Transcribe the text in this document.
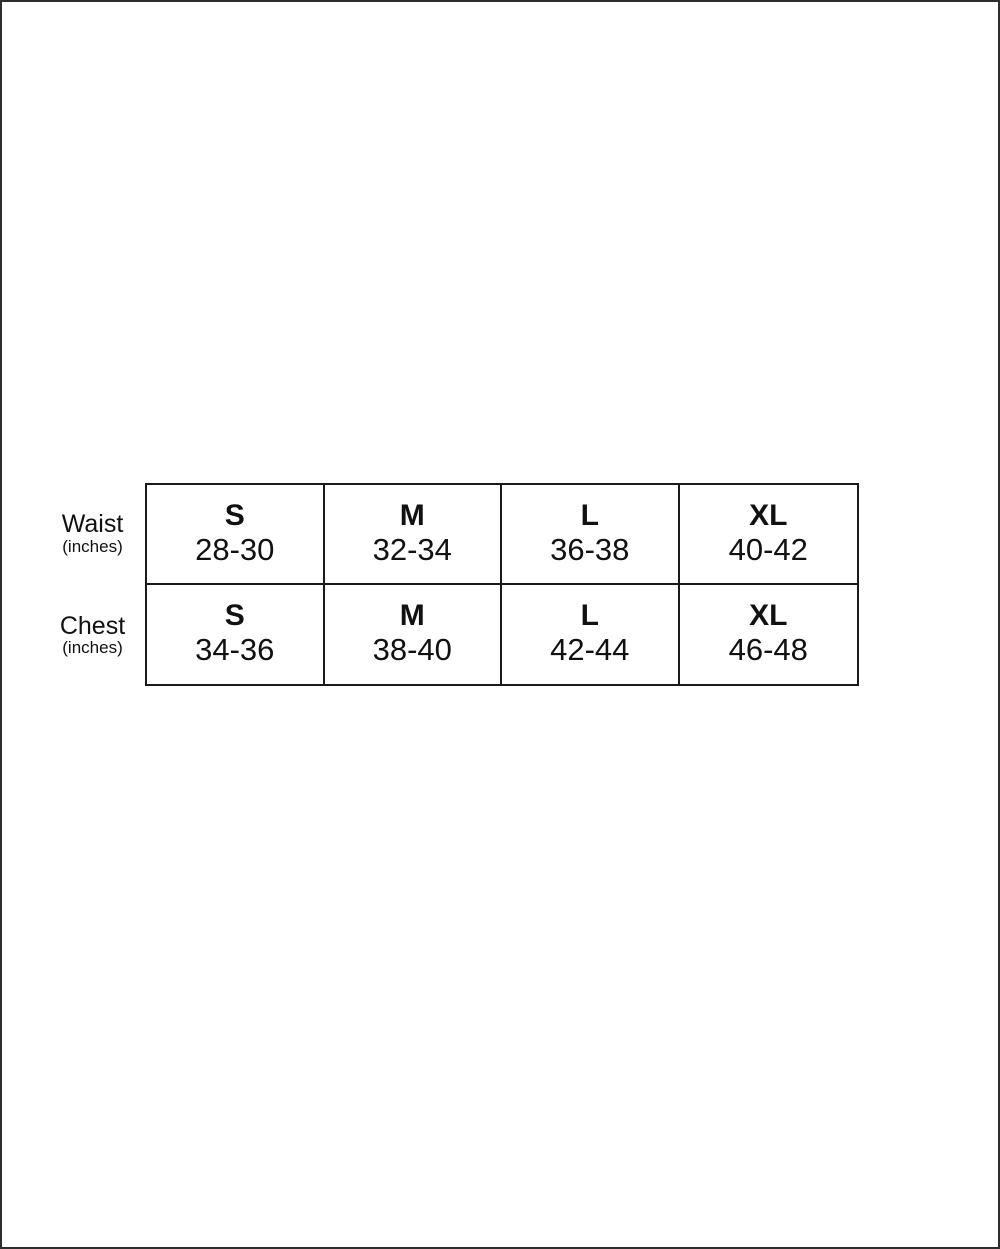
Waist
(inches)
Chest
(inches)
S
28-30
M
32-34
L
36-38
XL
40-42
S
34-36
M
38-40
L
42-44
XL
46-48
